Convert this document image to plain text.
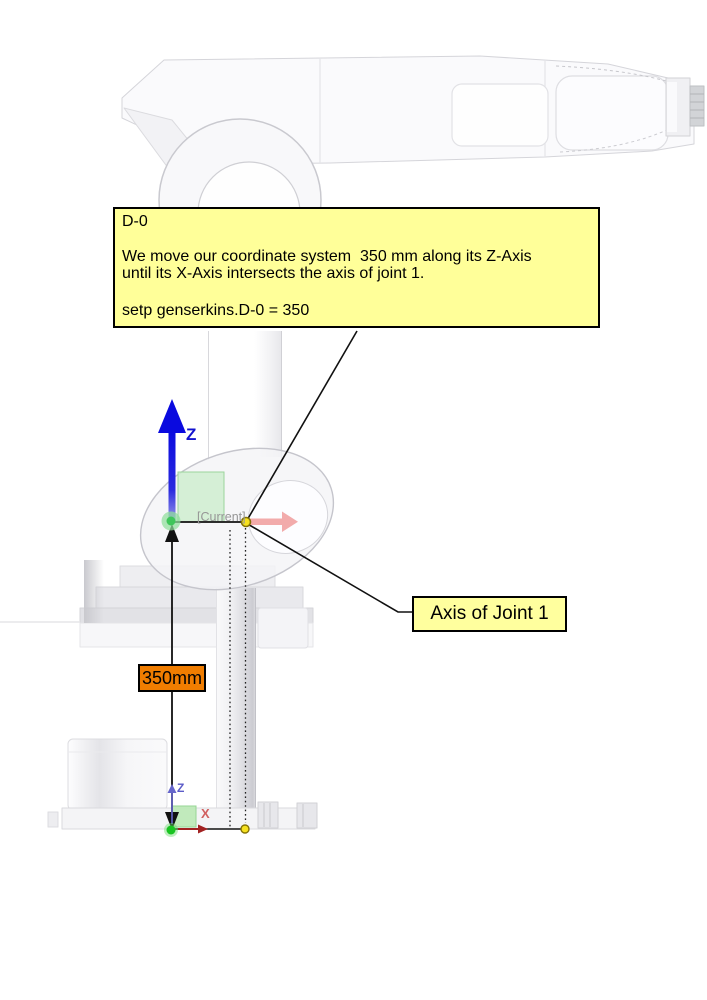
D-0
We move our coordinate system  350 mm along its Z-Axis
until its X-Axis intersects the axis of joint 1.
setp genserkins.D-0 = 350
Axis of Joint 1
350mm
[Current]
Z
Z
X
